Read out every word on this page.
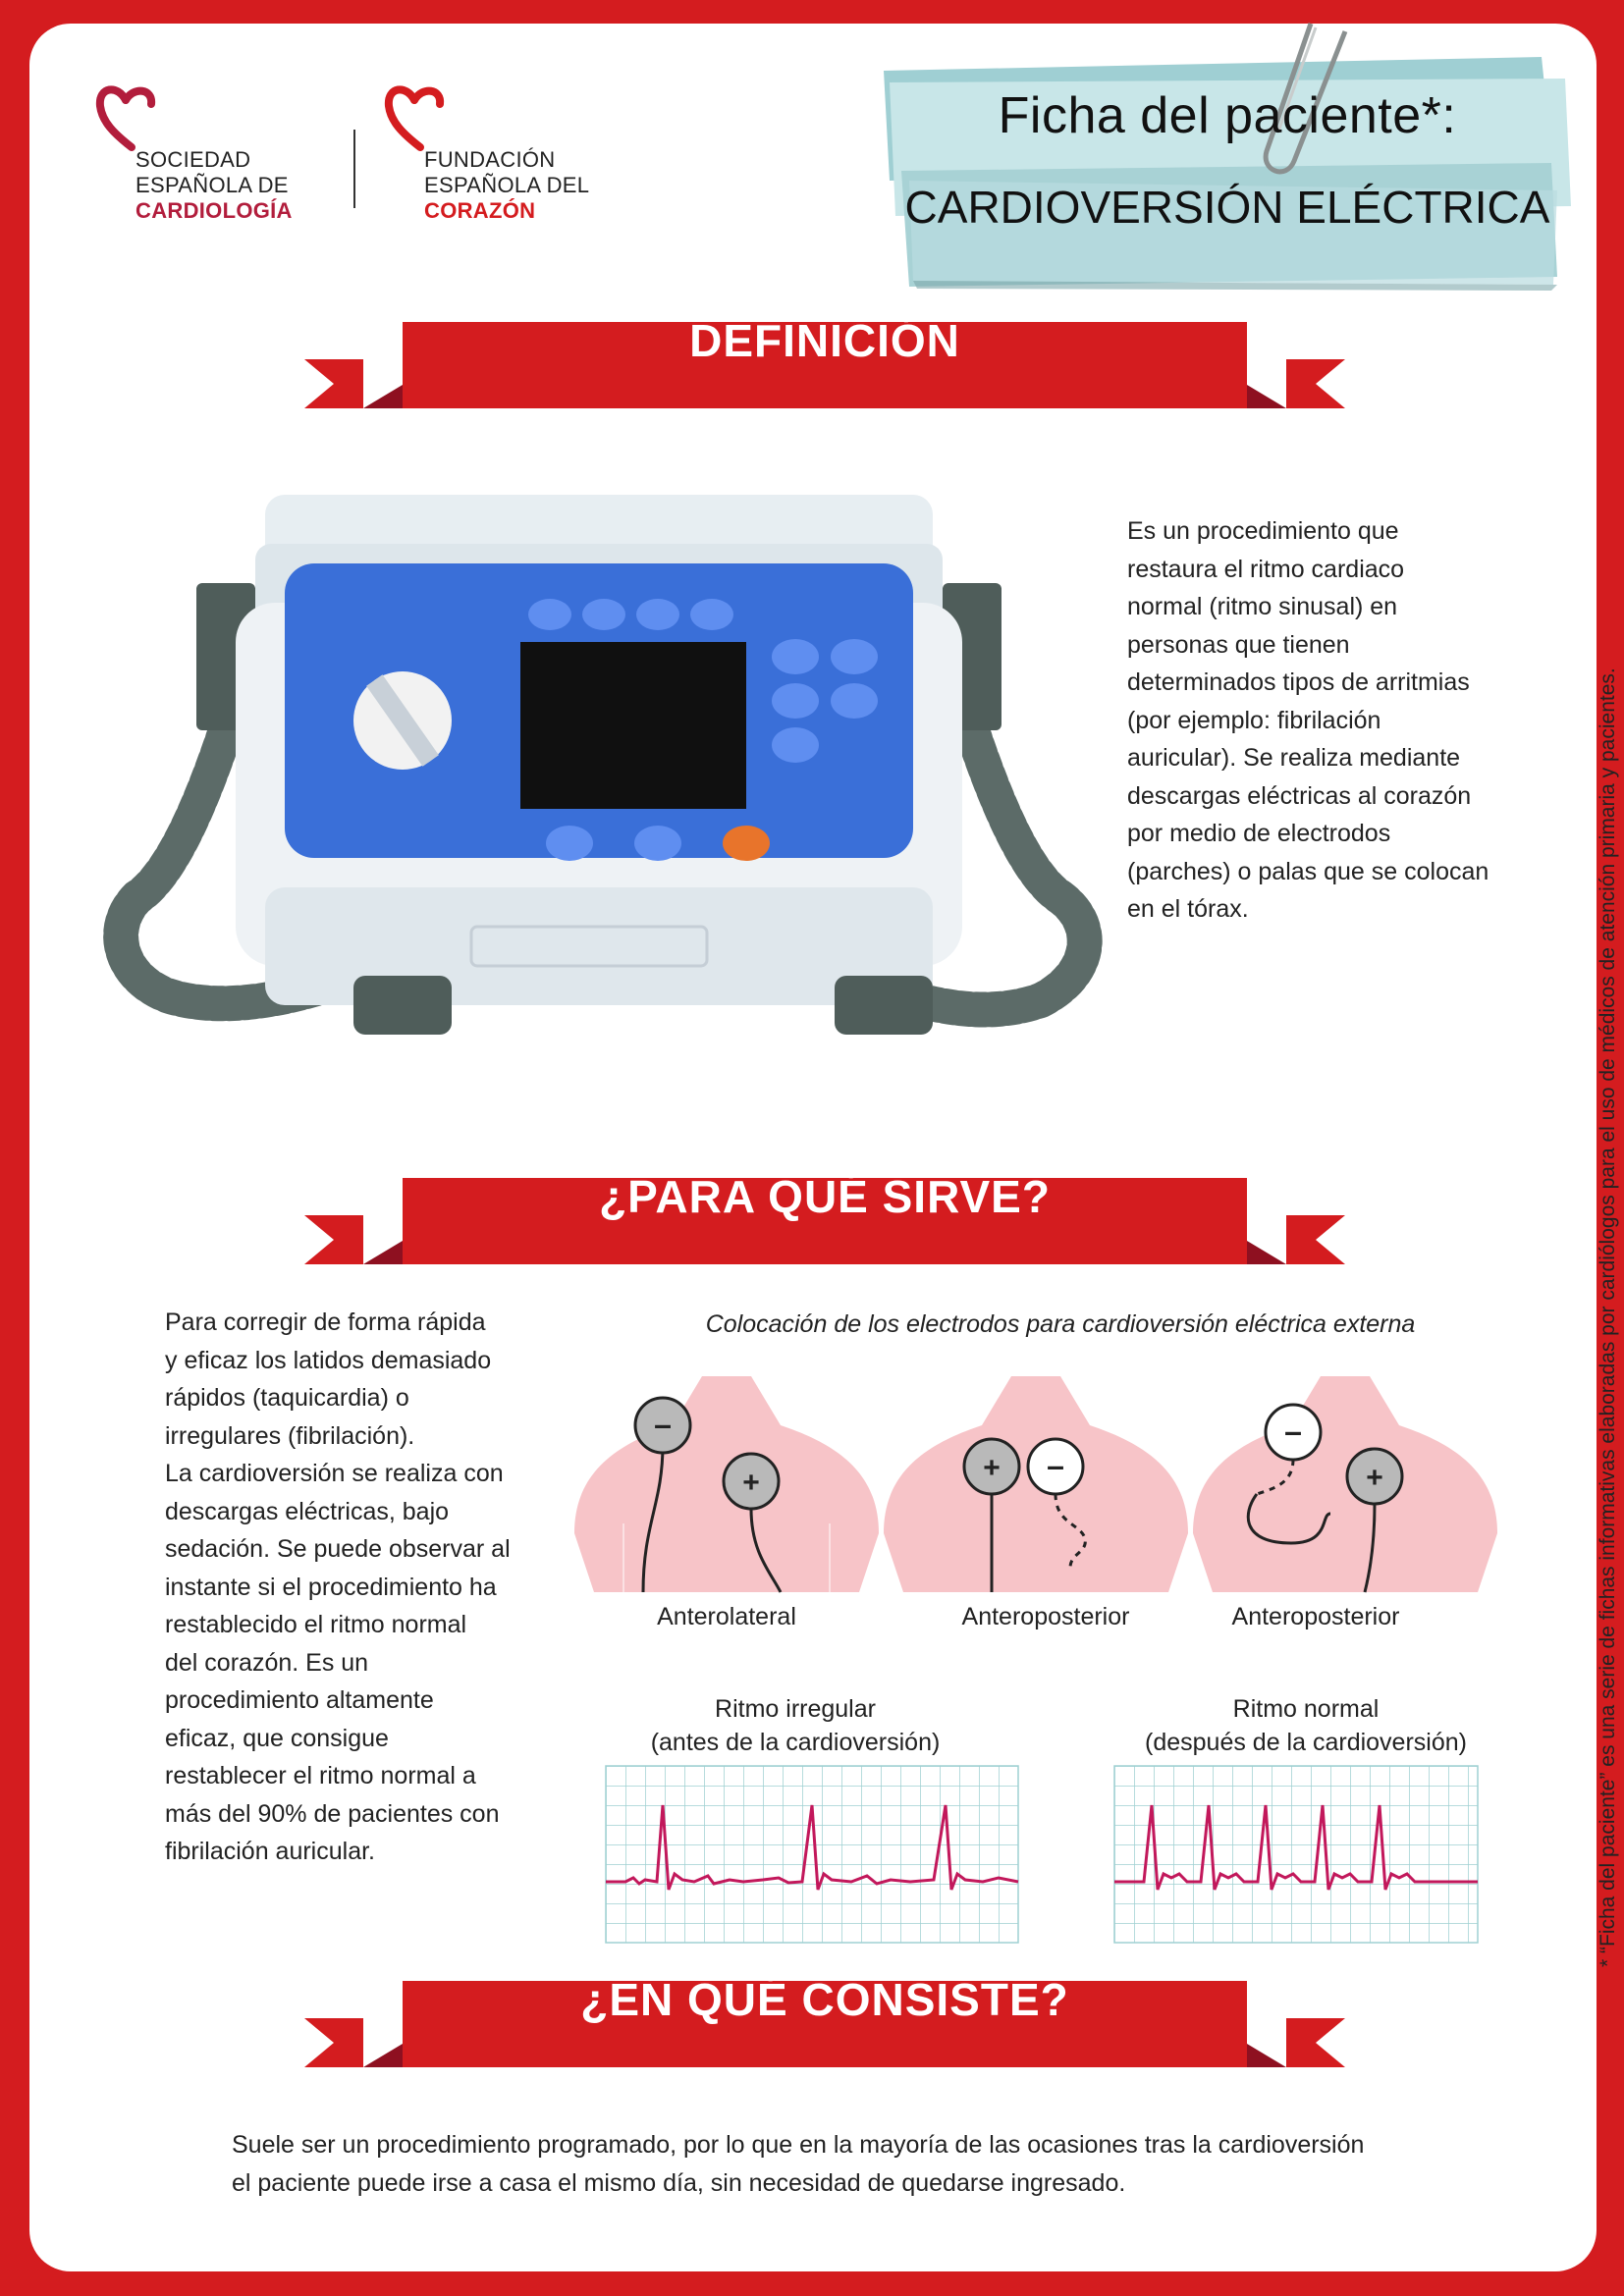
SOCIEDAD
ESPAÑOLA DE
CARDIOLOGÍA
FUNDACIÓN
ESPAÑOLA DEL
CORAZÓN
Ficha del paciente*:
CARDIOVERSIÓN ELÉCTRICA
DEFINICIÓN
Es un procedimiento que
restaura el ritmo cardiaco
normal (ritmo sinusal) en
personas que tienen
determinados tipos de arritmias
(por ejemplo: fibrilación
auricular). Se realiza mediante
descargas eléctricas al corazón
por medio de electrodos
(parches) o palas que se colocan
en el tórax.
¿PARA QUÉ SIRVE?
Para corregir de forma rápida
y eficaz los latidos demasiado
rápidos (taquicardia) o
irregulares (fibrilación).
La cardioversión se realiza con
descargas eléctricas, bajo
sedación. Se puede observar al
instante si el procedimiento ha
restablecido el ritmo normal
del corazón. Es un
procedimiento altamente
eficaz, que consigue
restablecer el ritmo normal a
más del 90% de pacientes con
fibrilación auricular.
Colocación de los electrodos para cardioversión eléctrica externa
–
+	+ –
–
+
Anterolateral	Anteroposterior	Anteroposterior
Ritmo irregular
(antes de la cardioversión)
Ritmo normal
(después de la cardioversión)
¿EN QUÉ CONSISTE?
Suele ser un procedimiento programado, por lo que en la mayoría de las ocasiones tras la cardioversión
el paciente puede irse a casa el mismo día, sin necesidad de quedarse ingresado.
* “Ficha del paciente” es una serie de fichas informativas elaboradas por cardiólogos para el uso de médicos de atención primaria y pacientes.
